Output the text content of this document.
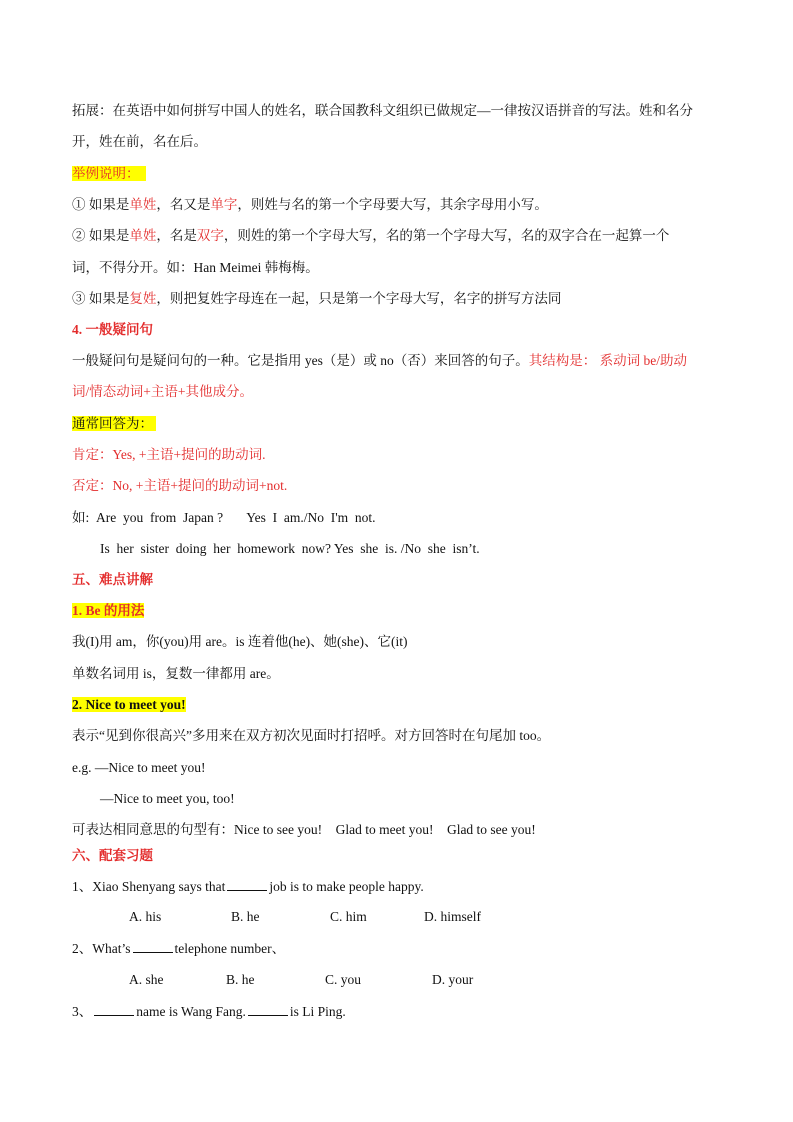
拓展：在英语中如何拼写中国人的姓名，联合国教科文组织已做规定—一律按汉语拼音的写法。姓和名分
开，姓在前，名在后。
举例说明：
① 如果是单姓，名又是单字，则姓与名的第一个字母要大写，其余字母用小写。
② 如果是单姓，名是双字，则姓的第一个字母大写，名的第一个字母大写，名的双字合在一起算一个
词，不得分开。如：Han Meimei 韩梅梅。
③ 如果是复姓，则把复姓字母连在一起，只是第一个字母大写，名字的拼写方法同
4. 一般疑问句
一般疑问句是疑问句的一种。它是指用 yes（是）或 no（否）来回答的句子。其结构是： 系动词 be/助动
词/情态动词+主语+其他成分。
通常回答为：
肯定：Yes, +主语+提问的助动词.
否定：No, +主语+提问的助动词+not.
如:  Are  you  from  Japan ?       Yes  I  am./No  I'm  not.
Is  her  sister  doing  her  homework  now? Yes  she  is. /No  she  isn’t.
五、难点讲解
1. Be 的用法
我(I)用 am，你(you)用 are。is 连着他(he)、她(she)、它(it)
单数名词用 is，复数一律都用 are。
2. Nice to meet you!
表示“见到你很高兴”多用来在双方初次见面时打招呼。对方回答时在句尾加 too。
e.g. —Nice to meet you!
—Nice to meet you, too!
可表达相同意思的句型有：Nice to see you!    Glad to meet you!    Glad to see you!
六、配套习题
1、Xiao Shenyang says that	job is to make people happy.
A. his	B. he	C. him	D. himself
2、What’s	telephone number、
A. she	B. he	C. you	D. your
3、	name is Wang Fang.	is Li Ping.
